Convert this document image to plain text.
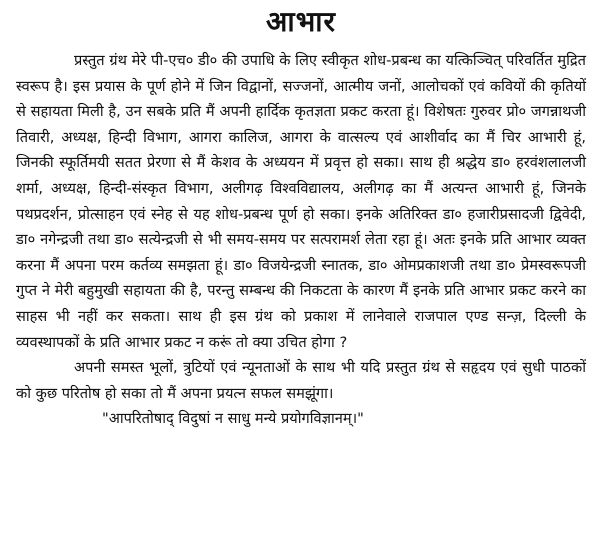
आभार

प्रस्तुत ग्रंथ मेरे पी-एच० डी० की उपाधि के लिए स्वीकृत शोध-प्रबन्ध का यत्किञ्चित् परिवर्तित मुद्रित स्वरूप है। इस प्रयास के पूर्ण होने में जिन विद्वानों, सज्जनों, आत्मीय जनों, आलोचकों एवं कवियों की कृतियों से सहायता मिली है, उन सबके प्रति मैं अपनी हार्दिक कृतज्ञता प्रकट करता हूं। विशेषतः गुरुवर प्रो० जगन्नाथजी तिवारी, अध्यक्ष, हिन्दी विभाग, आगरा कालिज, आगरा के वात्सल्य एवं आशीर्वाद का मैं चिर आभारी हूं, जिनकी स्फूर्तिमयी सतत प्रेरणा से मैं केशव के अध्ययन में प्रवृत्त हो सका। साथ ही श्रद्धेय डा० हरवंशलालजी शर्मा, अध्यक्ष, हिन्दी-संस्कृत विभाग, अलीगढ़ विश्वविद्यालय, अलीगढ़ का मैं अत्यन्त आभारी हूं, जिनके पथप्रदर्शन, प्रोत्साहन एवं स्नेह से यह शोध-प्रबन्ध पूर्ण हो सका। इनके अतिरिक्त डा० हजारीप्रसादजी द्विवेदी, डा० नगेन्द्रजी तथा डा० सत्येन्द्रजी से भी समय-समय पर सत्परामर्श लेता रहा हूं। अतः इनके प्रति आभार व्यक्त करना मैं अपना परम कर्तव्य समझता हूं। डा० विजयेन्द्रजी स्नातक, डा० ओमप्रकाशजी तथा डा० प्रेमस्वरूपजी गुप्त ने मेरी बहुमुखी सहायता की है, परन्तु सम्बन्ध की निकटता के कारण मैं इनके प्रति आभार प्रकट करने का साहस भी नहीं कर सकता। साथ ही इस ग्रंथ को प्रकाश में लानेवाले राजपाल एण्ड सन्ज़, दिल्ली के व्यवस्थापकों के प्रति आभार प्रकट न करूं तो क्या उचित होगा ?

अपनी समस्त भूलों, त्रुटियों एवं न्यूनताओं के साथ भी यदि प्रस्तुत ग्रंथ से सहृदय एवं सुधी पाठकों को कुछ परितोष हो सका तो मैं अपना प्रयत्न सफल समझूंगा।

"आपरितोषाद् विदुषां न साधु मन्ये प्रयोगविज्ञानम्।"
